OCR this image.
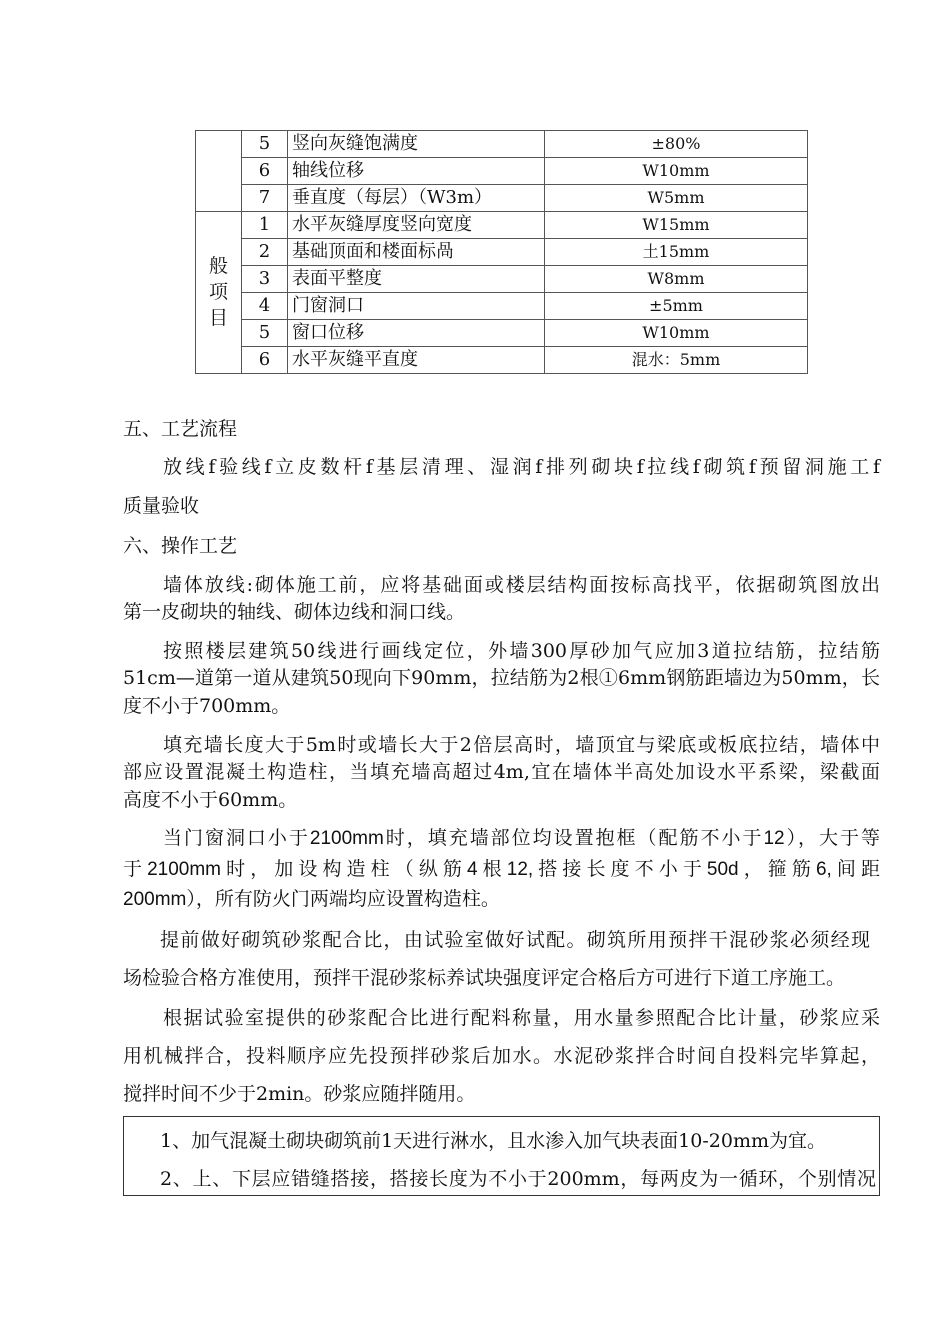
	5	竖向灰缝饱满度	±80%
	6	轴线位移	W10mm
	7	垂直度（每层）（W3m）	W5mm
般项目	1	水平灰缝厚度竖向宽度	W15mm
	2	基础顶面和楼面标咼	土15mm
	3	表面平整度	W8mm
	4	门窗洞口	±5mm
	5	窗口位移	W10mm
	6	水平灰缝平直度	混水：5mm
五、工艺流程
放线f验线f立皮数杆f基层清理、湿润f排列砌块f拉线f砌筑f预留洞施工f
质量验收
六、操作工艺
墙体放线:砌体施工前，应将基础面或楼层结构面按标高找平，依据砌筑图放出
第一皮砌块的轴线、砌体边线和洞口线。
按照楼层建筑50线进行画线定位，外墙300厚砂加气应加3道拉结筋，拉结筋
51cm—道第一道从建筑50现向下90mm，拉结筋为2根①6mm钢筋距墙边为50mm，长
度不小于700mm。
填充墙长度大于5m时或墙长大于2倍层高时，墙顶宜与梁底或板底拉结，墙体中
部应设置混凝土构造柱，当填充墙高超过4m,宜在墙体半高处加设水平系梁，梁截面
高度不小于60mm。
当门窗洞口小于2100mm时，填充墙部位均设置抱框（配筋不小于12），大于等
于2100mm时，加设构造柱（纵筋4根12,搭接长度不小于50d，箍筋6,间距
200mm），所有防火门两端均应设置构造柱。
提前做好砌筑砂浆配合比，由试验室做好试配。砌筑所用预拌干混砂浆必须经现
场检验合格方准使用，预拌干混砂浆标养试块强度评定合格后方可进行下道工序施工。
根据试验室提供的砂浆配合比进行配料称量，用水量参照配合比计量，砂浆应采
用机械拌合，投料顺序应先投预拌砂浆后加水。水泥砂浆拌合时间自投料完毕算起，
搅拌时间不少于2min。砂浆应随拌随用。
1、加气混凝土砌块砌筑前1天进行淋水，且水渗入加气块表面10-20mm为宜。
2、上、下层应错缝搭接，搭接长度为不小于200mm，每两皮为一循环，个别情况
